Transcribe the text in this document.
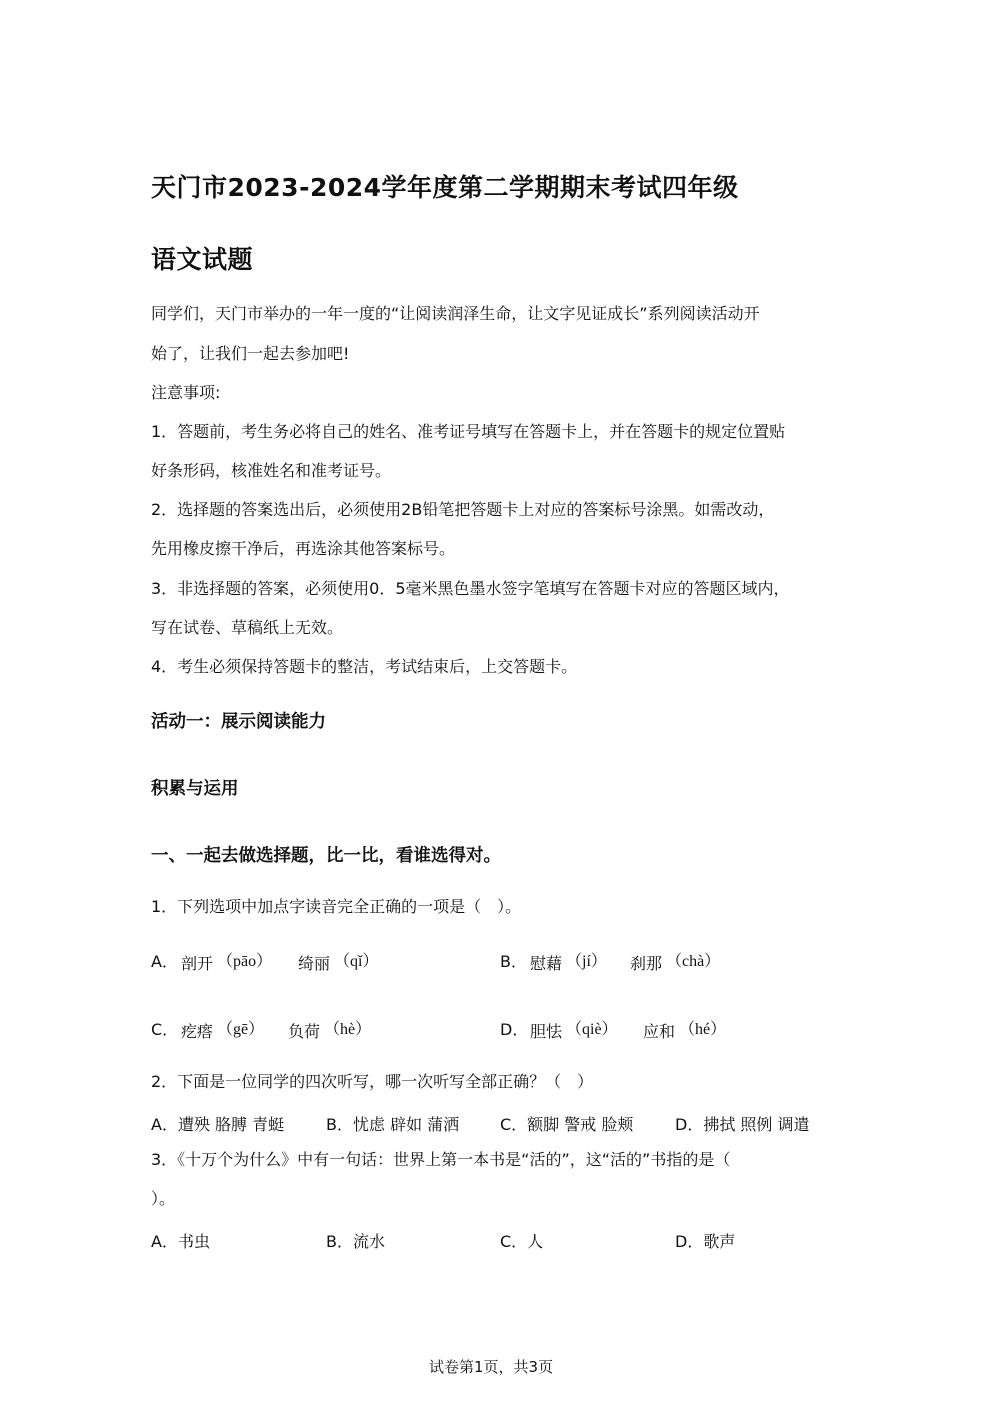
天门市2023-2024学年度第二学期期末考试四年级
语文试题
同学们，天门市举办的一年一度的“让阅读润泽生命，让文字见证成长”系列阅读活动开
始了，让我们一起去参加吧!
注意事项:
1．答题前，考生务必将自己的姓名、准考证号填写在答题卡上，并在答题卡的规定位置贴
好条形码，核准姓名和准考证号。
2．选择题的答案选出后，必须使用2B铅笔把答题卡上对应的答案标号涂黑。如需改动，
先用橡皮擦干净后，再选涂其他答案标号。
3．非选择题的答案，必须使用0．5毫米黑色墨水签字笔填写在答题卡对应的答题区域内，
写在试卷、草稿纸上无效。
4．考生必须保持答题卡的整洁，考试结束后，上交答题卡。
活动一：展示阅读能力
积累与运用
一、一起去做选择题，比一比，看谁选得对。
1．下列选项中加点字读音完全正确的一项是（　）。
A． 剖开 （pāo） 绮丽 （qǐ）	B． 慰藉 （jí） 刹那 （chà）
C． 疙瘩 （gē） 负荷 （hè）	D． 胆怯 （qiè） 应和 （hé）
2．下面是一位同学的四次听写，哪一次听写全部正确？（　）
A．遭殃 胳膊 青蜓	B．忧虑 辟如 蒲洒	C．额脚 警戒 脸颊	D．拂拭 照例 调遣
3．《十万个为什么》中有一句话：世界上第一本书是“活的”，这“活的”书指的是（
）。
A．书虫	B．流水	C．人	D．歌声
试卷第1页，共3页
